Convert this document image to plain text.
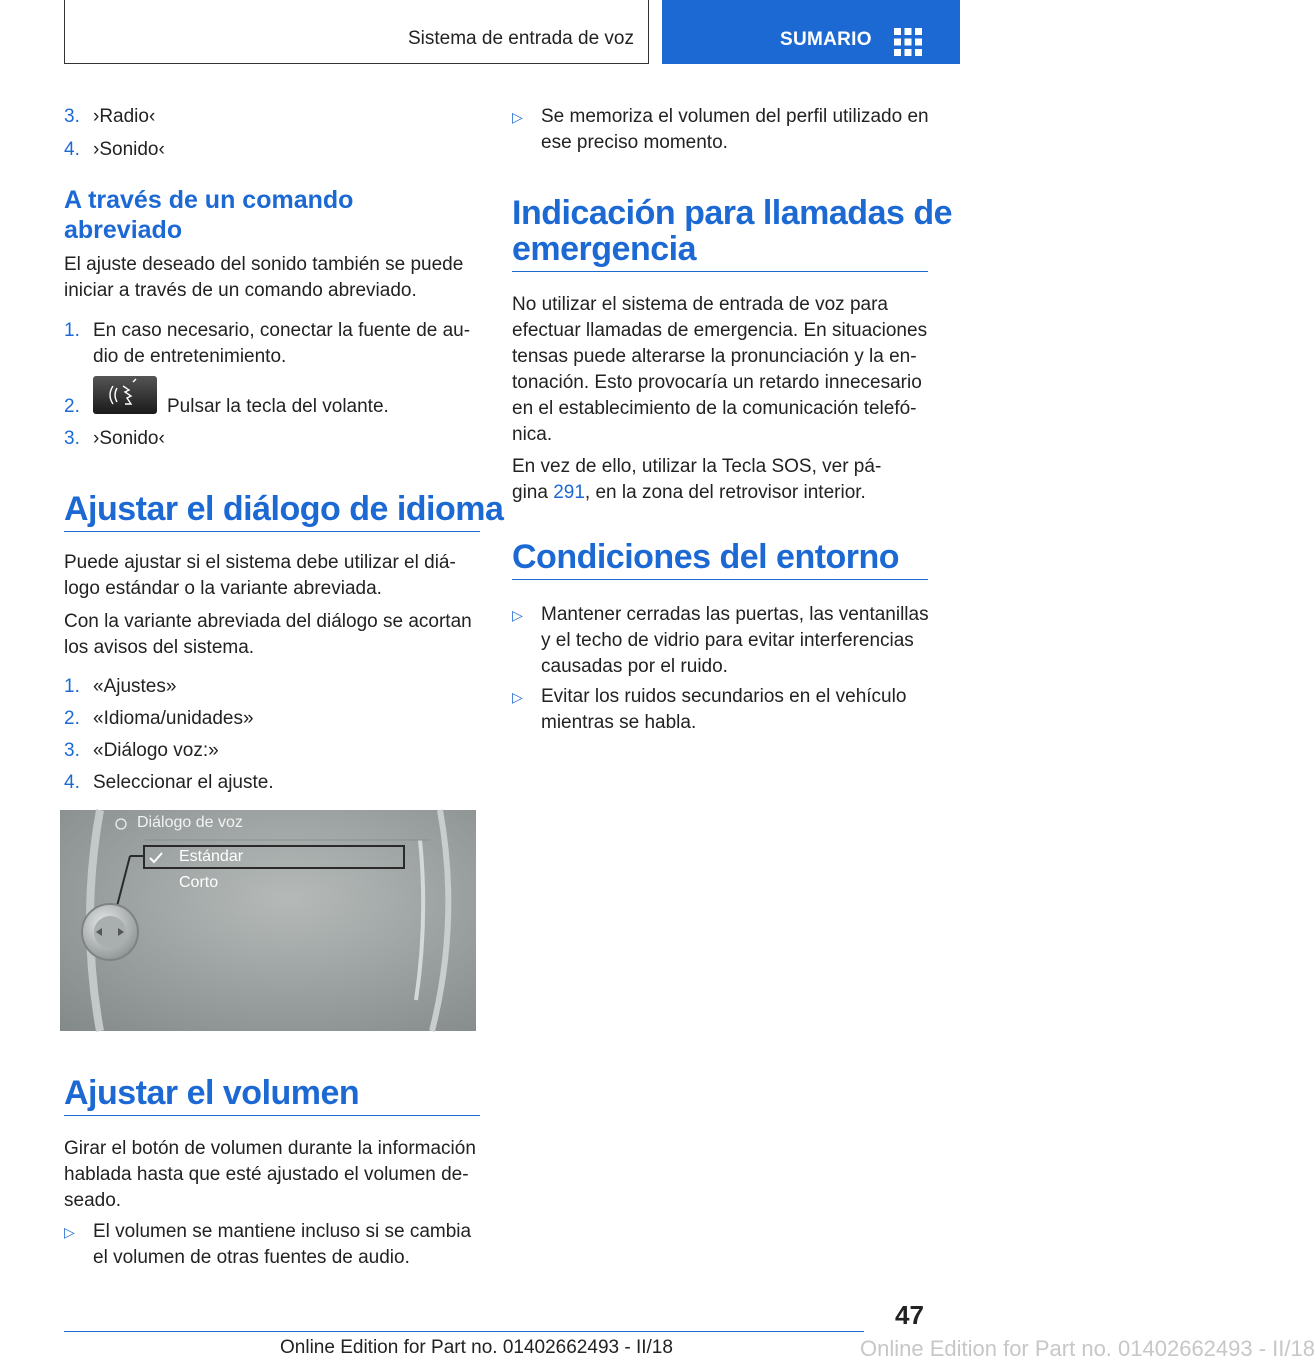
Sistema de entrada de voz	SUMARIO
3. ›Radio‹
4. ›Sonido‹
A través de un comando
abreviado
El ajuste deseado del sonido también se puede
iniciar a través de un comando abreviado.
1. En caso necesario, conectar la fuente de au-
dio de entretenimiento.
2.	Pulsar la tecla del volante.
3. ›Sonido‹
Ajustar el diálogo de idioma
Puede ajustar si el sistema debe utilizar el diá-
logo estándar o la variante abreviada.
Con la variante abreviada del diálogo se acortan
los avisos del sistema.
1. «Ajustes»
2. «Idioma/unidades»
3. «Diálogo voz:»
4. Seleccionar el ajuste.
Diálogo de voz
Estándar
Corto
Ajustar el volumen
Girar el botón de volumen durante la información
hablada hasta que esté ajustado el volumen de-
seado.
▷ El volumen se mantiene incluso si se cambia
el volumen de otras fuentes de audio.
▷ Se memoriza el volumen del perfil utilizado en
ese preciso momento.
Indicación para llamadas de
emergencia
No utilizar el sistema de entrada de voz para
efectuar llamadas de emergencia. En situaciones
tensas puede alterarse la pronunciación y la en-
tonación. Esto provocaría un retardo innecesario
en el establecimiento de la comunicación telefó-
nica.
En vez de ello, utilizar la Tecla SOS, ver pá-
gina 291, en la zona del retrovisor interior.
Condiciones del entorno
▷ Mantener cerradas las puertas, las ventanillas
y el techo de vidrio para evitar interferencias
causadas por el ruido.
▷ Evitar los ruidos secundarios en el vehículo
mientras se habla.
47
Online Edition for Part no. 01402662493 - II/18	Online Edition for Part no. 01402662493 - II/18
